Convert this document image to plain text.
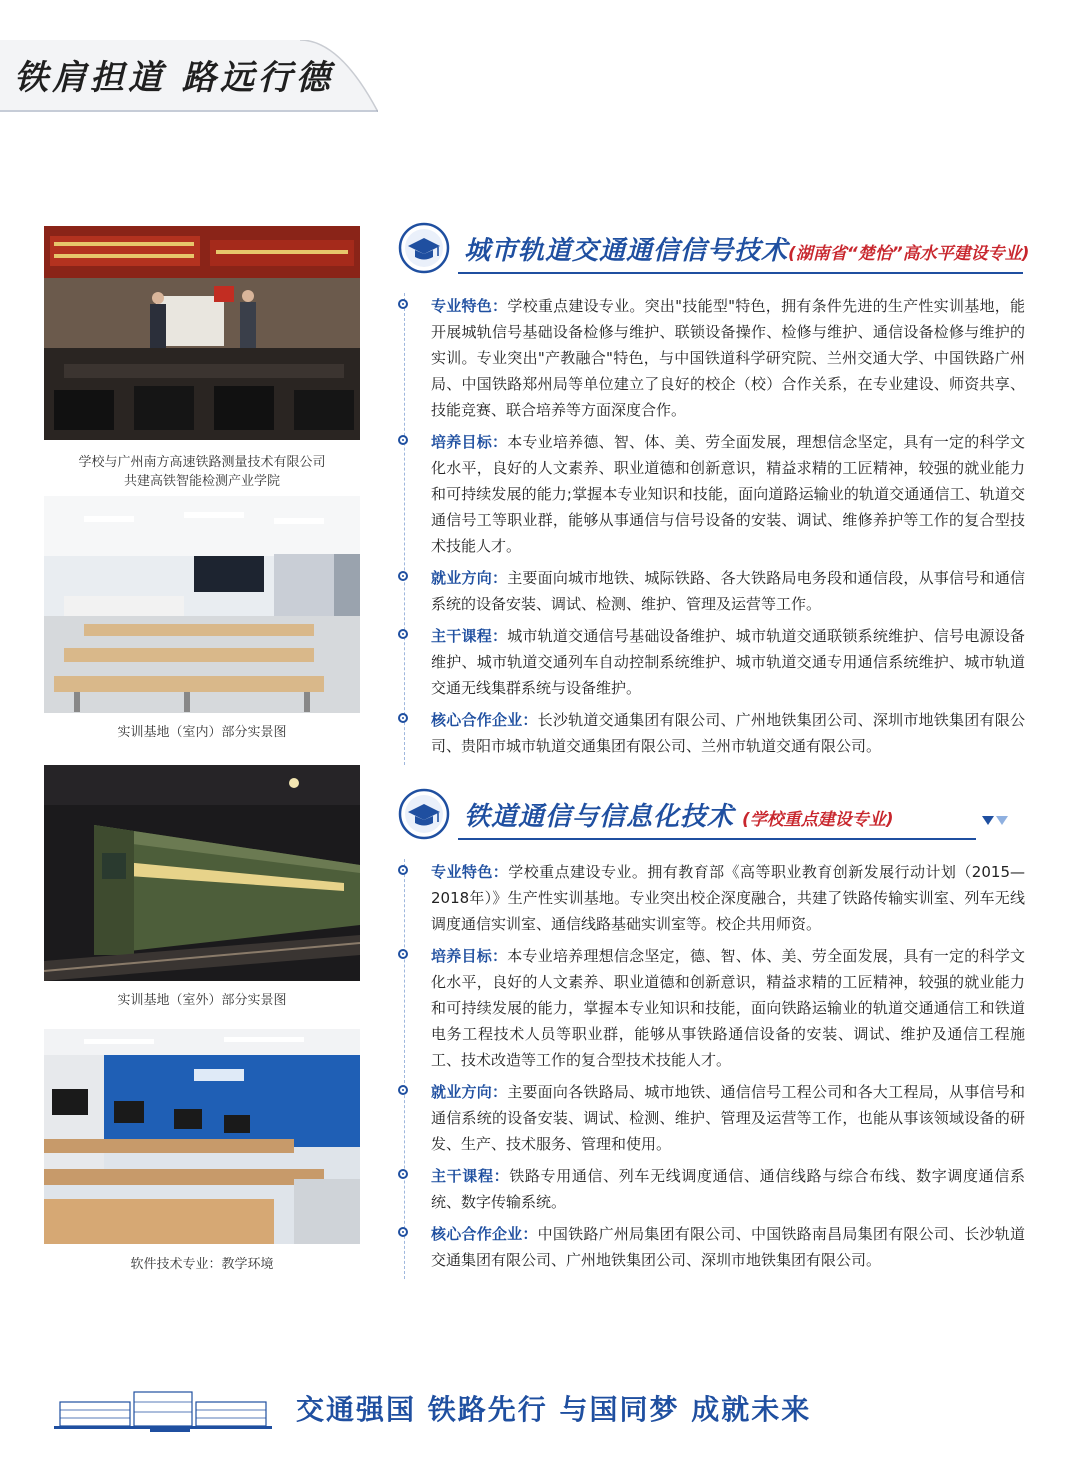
铁肩担道 路远行德
学校与广州南方高速铁路测量技术有限公司
共建高铁智能检测产业学院
实训基地（室内）部分实景图
实训基地（室外）部分实景图
软件技术专业：教学环境
城市轨道交通通信信号技术(湖南省“楚怡”高水平建设专业)
专业特色：学校重点建设专业。突出"技能型"特色，拥有条件先进的生产性实训基地，能开展城轨信号基础设备检修与维护、联锁设备操作、检修与维护、通信设备检修与维护的实训。专业突出"产教融合"特色，与中国铁道科学研究院、兰州交通大学、中国铁路广州局、中国铁路郑州局等单位建立了良好的校企（校）合作关系，在专业建设、师资共享、技能竞赛、联合培养等方面深度合作。
培养目标：本专业培养德、智、体、美、劳全面发展，理想信念坚定，具有一定的科学文化水平，良好的人文素养、职业道德和创新意识，精益求精的工匠精神，较强的就业能力和可持续发展的能力;掌握本专业知识和技能，面向道路运输业的轨道交通通信工、轨道交通信号工等职业群，能够从事通信与信号设备的安装、调试、维修养护等工作的复合型技术技能人才。
就业方向：主要面向城市地铁、城际铁路、各大铁路局电务段和通信段，从事信号和通信系统的设备安装、调试、检测、维护、管理及运营等工作。
主干课程：城市轨道交通信号基础设备维护、城市轨道交通联锁系统维护、信号电源设备维护、城市轨道交通列车自动控制系统维护、城市轨道交通专用通信系统维护、城市轨道交通无线集群系统与设备维护。
核心合作企业：长沙轨道交通集团有限公司、广州地铁集团公司、深圳市地铁集团有限公司、贵阳市城市轨道交通集团有限公司、兰州市轨道交通有限公司。
铁道通信与信息化技术 (学校重点建设专业)
专业特色：学校重点建设专业。拥有教育部《高等职业教育创新发展行动计划（2015—2018年）》生产性实训基地。专业突出校企深度融合，共建了铁路传输实训室、列车无线调度通信实训室、通信线路基础实训室等。校企共用师资。
培养目标：本专业培养理想信念坚定，德、智、体、美、劳全面发展，具有一定的科学文化水平，良好的人文素养、职业道德和创新意识，精益求精的工匠精神，较强的就业能力和可持续发展的能力，掌握本专业知识和技能，面向铁路运输业的轨道交通通信工和铁道电务工程技术人员等职业群，能够从事铁路通信设备的安装、调试、维护及通信工程施工、技术改造等工作的复合型技术技能人才。
就业方向：主要面向各铁路局、城市地铁、通信信号工程公司和各大工程局，从事信号和通信系统的设备安装、调试、检测、维护、管理及运营等工作，也能从事该领域设备的研发、生产、技术服务、管理和使用。
主干课程：铁路专用通信、列车无线调度通信、通信线路与综合布线、数字调度通信系统、数字传输系统。
核心合作企业：中国铁路广州局集团有限公司、中国铁路南昌局集团有限公司、长沙轨道交通集团有限公司、广州地铁集团公司、深圳市地铁集团有限公司。
交通强国 铁路先行 与国同梦 成就未来
